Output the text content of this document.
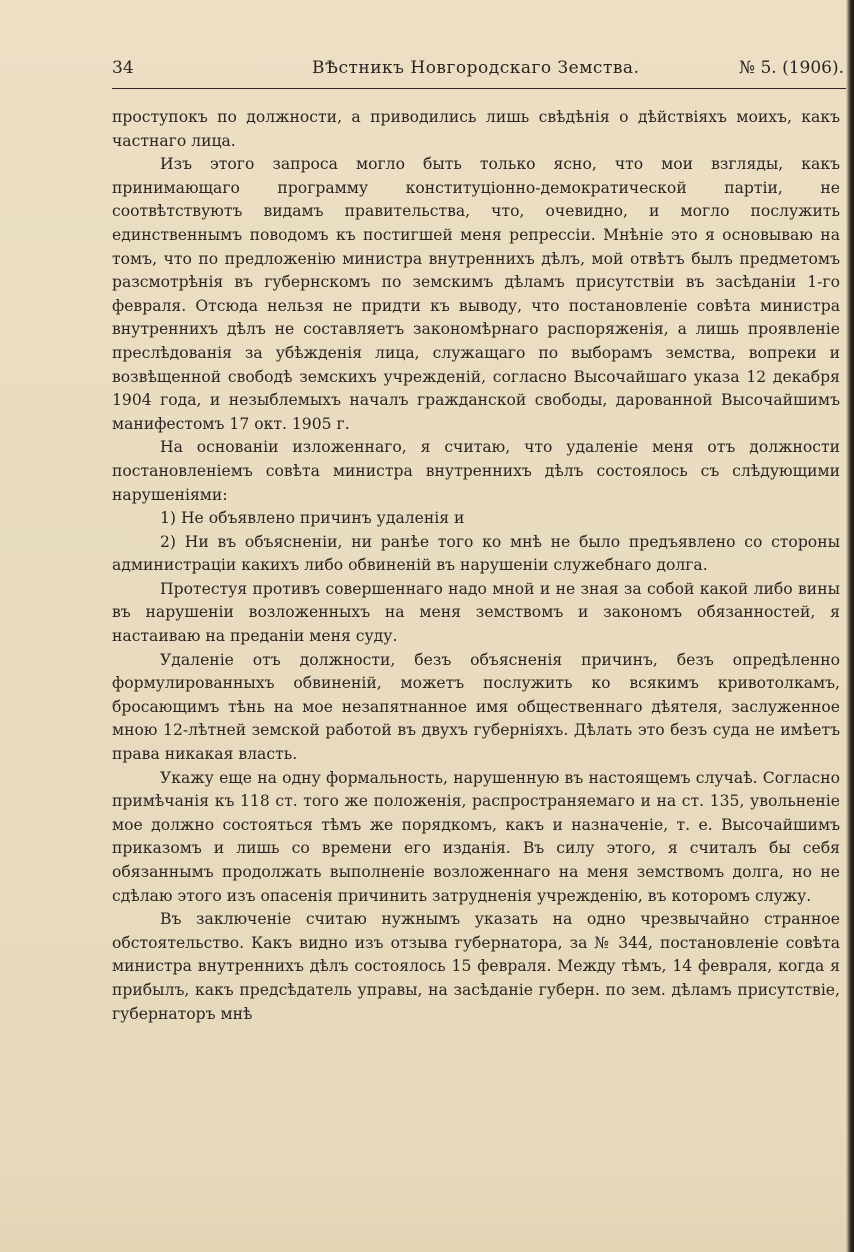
34	ВѢстникъ Новгородскаго Земства.	№ 5. (1906).

проступокъ по должности, а приводились лишь свѣдѣнія о дѣйствіяхъ моихъ, какъ частнаго лица.

Изъ этого запроса могло быть только ясно, что мои взгляды, какъ принимающаго программу конституціонно-демократической партіи, не соотвѣтствуютъ видамъ правительства, что, очевидно, и могло послужить единственнымъ поводомъ къ постигшей меня репрессіи. Мнѣніе это я основываю на томъ, что по предложенію министра внутреннихъ дѣлъ, мой отвѣтъ былъ предметомъ разсмотрѣнія въ губернскомъ по земскимъ дѣламъ присутствіи въ засѣданіи 1-го февраля. Отсюда нельзя не придти къ выводу, что постановленіе совѣта министра внутреннихъ дѣлъ не составляетъ закономѣрнаго распоряженія, а лишь проявленіе преслѣдованія за убѣжденія лица, служащаго по выборамъ земства, вопреки и возвѣщенной свободѣ земскихъ учрежденій, согласно Высочайшаго указа 12 декабря 1904 года, и незыблемыхъ началъ гражданской свободы, дарованной Высочайшимъ манифестомъ 17 окт. 1905 г.

На основаніи изложеннаго, я считаю, что удаленіе меня отъ должности постановленіемъ совѣта министра внутреннихъ дѣлъ состоялось съ слѣдующими нарушеніями:

1) Не объявлено причинъ удаленія и

2) Ни въ объясненіи, ни ранѣе того ко мнѣ не было предъявлено со стороны администраціи какихъ либо обвиненій въ нарушеніи служебнаго долга.

Протестуя противъ совершеннаго надо мной и не зная за собой какой либо вины въ нарушеніи возложенныхъ на меня земствомъ и закономъ обязанностей, я настаиваю на преданіи меня суду.

Удаленіе отъ должности, безъ объясненія причинъ, безъ опредѣленно формулированныхъ обвиненій, можетъ послужить ко всякимъ кривотолкамъ, бросающимъ тѣнь на мое незапятнанное имя общественнаго дѣятеля, заслуженное мною 12-лѣтней земской работой въ двухъ губерніяхъ. Дѣлать это безъ суда не имѣетъ права никакая власть.

Укажу еще на одну формальность, нарушенную въ настоящемъ случаѣ. Согласно примѣчанія къ 118 ст. того же положенія, распространяемаго и на ст. 135, увольненіе мое должно состояться тѣмъ же порядкомъ, какъ и назначеніе, т. е. Высочайшимъ приказомъ и лишь со времени его изданія. Въ силу этого, я считалъ бы себя обязаннымъ продолжать выполненіе возложеннаго на меня земствомъ долга, но не сдѣлаю этого изъ опасенія причинить затрудненія учрежденію, въ которомъ служу.

Въ заключеніе считаю нужнымъ указать на одно чрезвычайно странное обстоятельство. Какъ видно изъ отзыва губернатора, за № 344, постановленіе совѣта министра внутреннихъ дѣлъ состоялось 15 февраля. Между тѣмъ, 14 февраля, когда я прибылъ, какъ предсѣдатель управы, на засѣданіе губерн. по зем. дѣламъ присутствіе, губернаторъ мнѣ
